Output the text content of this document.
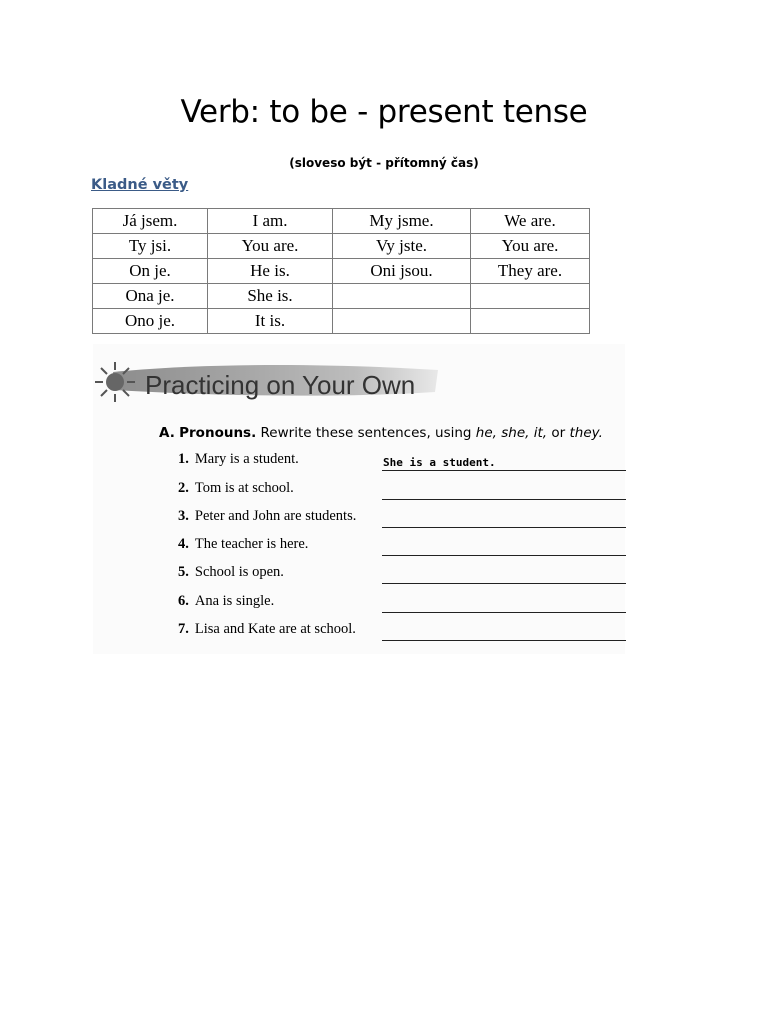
Verb: to be - present tense
(sloveso být - přítomný čas)
Kladné věty
Já jsem.	I am.	My jsme.	We are.
Ty jsi.	You are.	Vy jste.	You are.
On je.	He is.	Oni jsou.	They are.
Ona je.	She is.		
Ono je.	It is.		
Practicing on Your Own
A. Pronouns. Rewrite these sentences, using he, she, it, or they.
1. Mary is a student.	She is a student.
2. Tom is at school.
3. Peter and John are students.
4. The teacher is here.
5. School is open.
6. Ana is single.
7. Lisa and Kate are at school.
